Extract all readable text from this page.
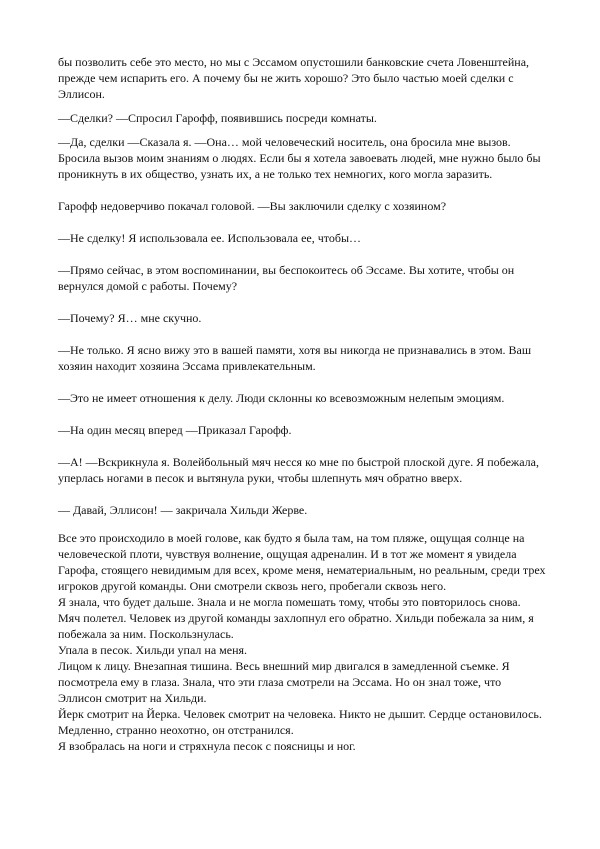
бы позволить себе это место, но мы с Эссамом опустошили банковские счета Ловенштейна, прежде чем испарить его. А почему бы не жить хорошо? Это было частью моей сделки с Эллисон.

—Сделки? —Спросил Гарофф, появившись посреди комнаты.

—Да, сделки —Сказала я. —Она… мой человеческий носитель, она бросила мне вызов. Бросила вызов моим знаниям о людях. Если бы я хотела завоевать людей, мне нужно было бы проникнуть в их общество, узнать их, а не только тех немногих, кого могла заразить.

Гарофф недоверчиво покачал головой. —Вы заключили сделку с хозяином?

—Не сделку! Я использовала ее. Использовала ее, чтобы…

—Прямо сейчас, в этом воспоминании, вы беспокоитесь об Эссаме. Вы хотите, чтобы он вернулся домой с работы. Почему?

—Почему? Я… мне скучно.

—Не только. Я ясно вижу это в вашей памяти, хотя вы никогда не признавались в этом. Ваш хозяин находит хозяина Эссама привлекательным.

—Это не имеет отношения к делу. Люди склонны ко всевозможным нелепым эмоциям.

—На один месяц вперед —Приказал Гарофф.

—А! —Вскрикнула я. Волейбольный мяч несся ко мне по быстрой плоской дуге. Я побежала, уперлась ногами в песок и вытянула руки, чтобы шлепнуть мяч обратно вверх.

— Давай, Эллисон! — закричала Хильди Жерве.

Все это происходило в моей голове, как будто я была там, на том пляже, ощущая солнце на человеческой плоти, чувствуя волнение, ощущая адреналин. И в тот же момент я увидела Гарофа, стоящего невидимым для всех, кроме меня, нематериальным, но реальным, среди трех игроков другой команды. Они смотрели сквозь него, пробегали сквозь него.

Я знала, что будет дальше. Знала и не могла помешать тому, чтобы это повторилось снова.

Мяч полетел. Человек из другой команды захлопнул его обратно. Хильди побежала за ним, я побежала за ним. Поскользнулась.

Упала в песок. Хильди упал на меня.

Лицом к лицу. Внезапная тишина. Весь внешний мир двигался в замедленной съемке. Я посмотрела ему в глаза. Знала, что эти глаза смотрели на Эссама. Но он знал тоже, что Эллисон смотрит на Хильди.

Йерк смотрит на Йерка. Человек смотрит на человека. Никто не дышит. Сердце остановилось.

Медленно, странно неохотно, он отстранился.

Я взобралась на ноги и стряхнула песок с поясницы и ног.
